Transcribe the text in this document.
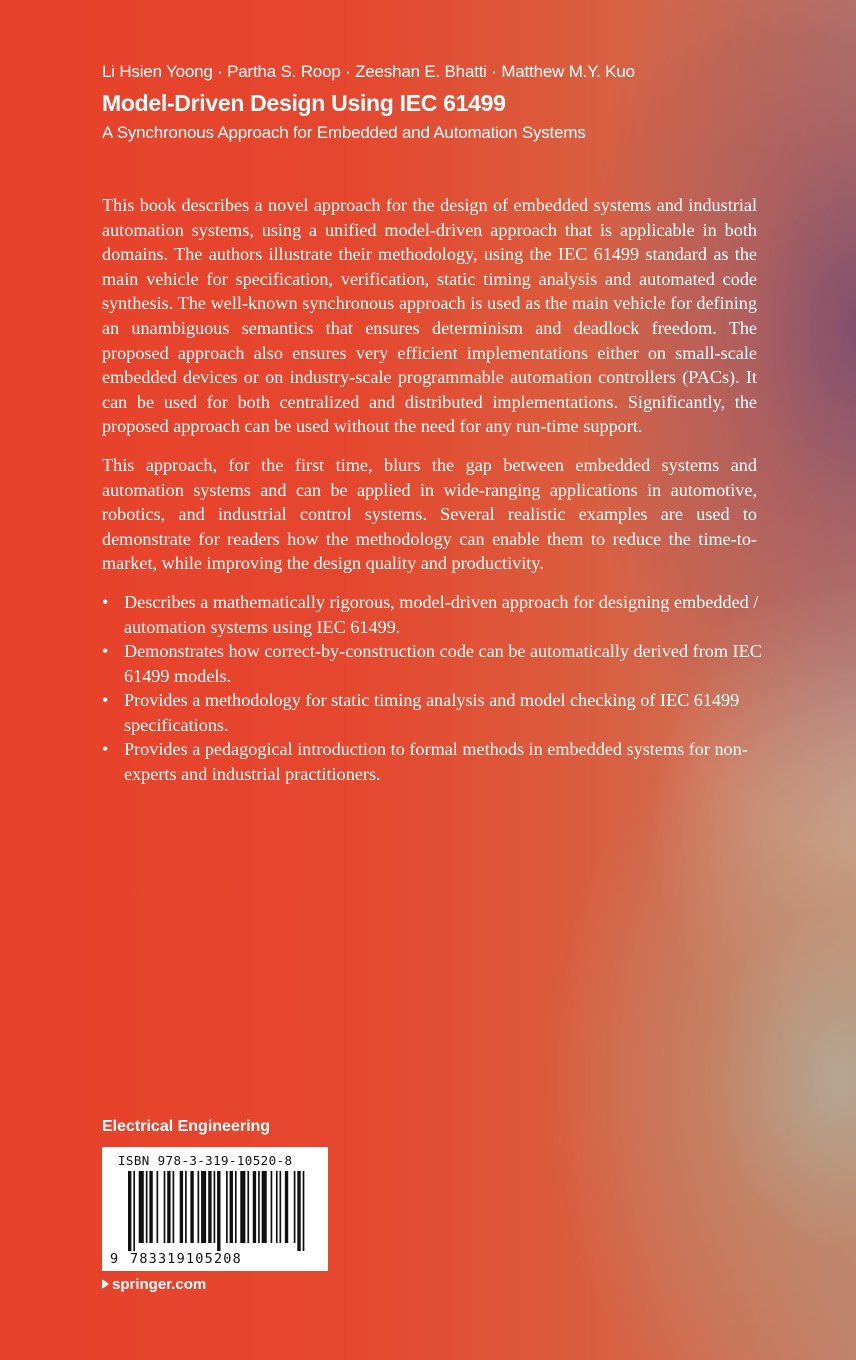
Li Hsien Yoong · Partha S. Roop · Zeeshan E. Bhatti · Matthew M.Y. Kuo
Model-Driven Design Using IEC 61499
A Synchronous Approach for Embedded and Automation Systems

This book describes a novel approach for the design of embedded systems and industrial automation systems, using a unified model-driven approach that is applicable in both domains. The authors illustrate their methodology, using the IEC 61499 standard as the main vehicle for specification, verification, static timing analysis and automated code synthesis. The well-known synchronous approach is used as the main vehicle for defining an unambiguous semantics that ensures determinism and deadlock freedom. The proposed approach also ensures very efficient implementations either on small-scale embedded devices or on industry-scale programmable automation controllers (PACs). It can be used for both centralized and distributed implementations. Significantly, the proposed approach can be used without the need for any run-time support.

This approach, for the first time, blurs the gap between embedded systems and automation systems and can be applied in wide-ranging applications in automotive, robotics, and industrial control systems. Several realistic examples are used to demonstrate for readers how the methodology can enable them to reduce the time-to-market, while improving the design quality and productivity.

• Describes a mathematically rigorous, model-driven approach for designing embedded / automation systems using IEC 61499.
• Demonstrates how correct-by-construction code can be automatically derived from IEC 61499 models.
• Provides a methodology for static timing analysis and model checking of IEC 61499 specifications.
• Provides a pedagogical introduction to formal methods in embedded systems for non-experts and industrial practitioners.
Electrical Engineering
ISBN 978-3-319-10520-8
9 783319105208
springer.com
